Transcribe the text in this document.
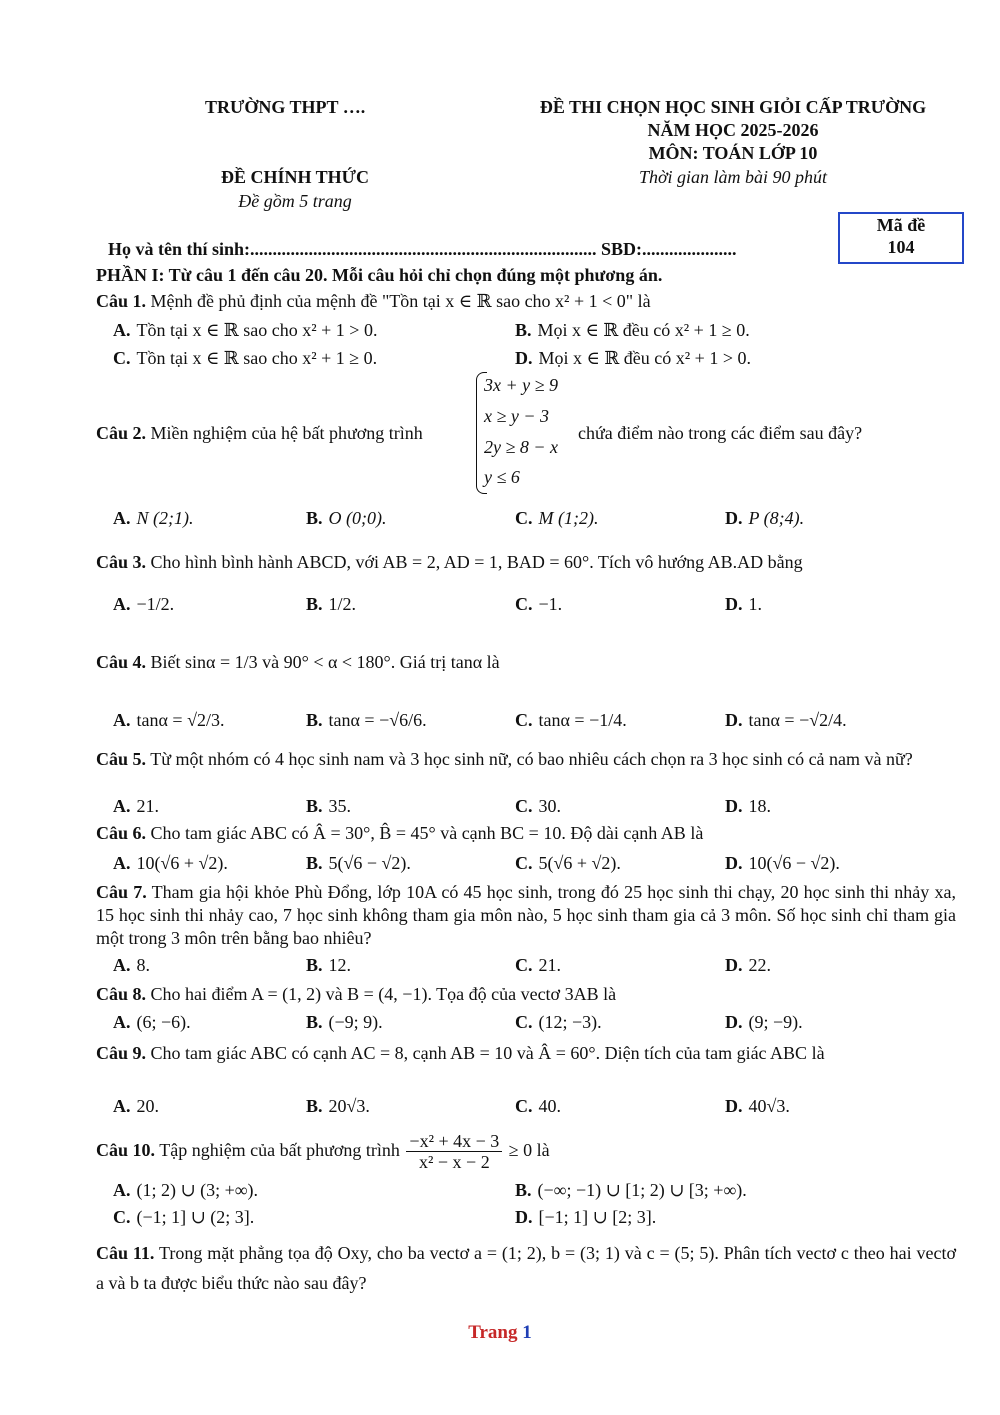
TRƯỜNG THPT ….	ĐỀ THI CHỌN HỌC SINH GIỎI CẤP TRƯỜNG
NĂM HỌC 2025-2026
MÔN: TOÁN LỚP 10
ĐỀ CHÍNH THỨC	Thời gian làm bài 90 phút
Đề gồm 5 trang
Mã đề
104
Họ và tên thí sinh:............................................................................. SBD:.....................
PHẦN I: Từ câu 1 đến câu 20. Mỗi câu hỏi chỉ chọn đúng một phương án.
Câu 1. Mệnh đề phủ định của mệnh đề "Tồn tại x ∈ ℝ sao cho x² + 1 < 0" là
A. Tồn tại x ∈ ℝ sao cho x² + 1 > 0.	B. Mọi x ∈ ℝ đều có x² + 1 ≥ 0.
C. Tồn tại x ∈ ℝ sao cho x² + 1 ≥ 0.	D. Mọi x ∈ ℝ đều có x² + 1 > 0.
Câu 2. Miền nghiệm của hệ bất phương trình
3x + y ≥ 9
x ≥ y − 3
2y ≥ 8 − x
y ≤ 6
chứa điểm nào trong các điểm sau đây?
A. N (2;1).	B. O (0;0).	C. M (1;2).	D. P (8;4).
Câu 3. Cho hình bình hành ABCD, với AB = 2, AD = 1, BAD = 60°. Tích vô hướng AB.AD bằng
A. −1/2.	B. 1/2.	C. −1.	D. 1.
Câu 4. Biết sinα = 1/3 và 90° < α < 180°. Giá trị tanα là
A. tanα = √2/3.	B. tanα = −√6/6.	C. tanα = −1/4.	D. tanα = −√2/4.
Câu 5. Từ một nhóm có 4 học sinh nam và 3 học sinh nữ, có bao nhiêu cách chọn ra 3 học sinh có cả nam và nữ?
A. 21.	B. 35.	C. 30.	D. 18.
Câu 6. Cho tam giác ABC có Â = 30°, B̂ = 45° và cạnh BC = 10. Độ dài cạnh AB là
A. 10(√6 + √2).	B. 5(√6 − √2).	C. 5(√6 + √2).	D. 10(√6 − √2).
Câu 7. Tham gia hội khỏe Phù Đổng, lớp 10A có 45 học sinh, trong đó 25 học sinh thi chạy, 20 học sinh thi nhảy xa, 15 học sinh thi nhảy cao, 7 học sinh không tham gia môn nào, 5 học sinh tham gia cả 3 môn. Số học sinh chỉ tham gia một trong 3 môn trên bằng bao nhiêu?
A. 8.	B. 12.	C. 21.	D. 22.
Câu 8. Cho hai điểm A = (1, 2) và B = (4, −1). Tọa độ của vectơ 3AB là
A. (6; −6).	B. (−9; 9).	C. (12; −3).	D. (9; −9).
Câu 9. Cho tam giác ABC có cạnh AC = 8, cạnh AB = 10 và Â = 60°. Diện tích của tam giác ABC là
A. 20.	B. 20√3.	C. 40.	D. 40√3.
Câu 10. Tập nghiệm của bất phương trình $\frac{\text{−x² + 4x − 3}}{\text{x² − x − 2}} \ge 0$ là
A. (1; 2) ∪ (3; +∞).	B. (−∞; −1) ∪ [1; 2) ∪ [3; +∞).
C. (−1; 1] ∪ (2; 3].	D. [−1; 1] ∪ [2; 3].
Câu 11. Trong mặt phẳng tọa độ Oxy, cho ba vectơ a = (1; 2), b = (3; 1) và c = (5; 5). Phân tích vectơ c theo hai vectơ a và b ta được biểu thức nào sau đây?
Trang 1
